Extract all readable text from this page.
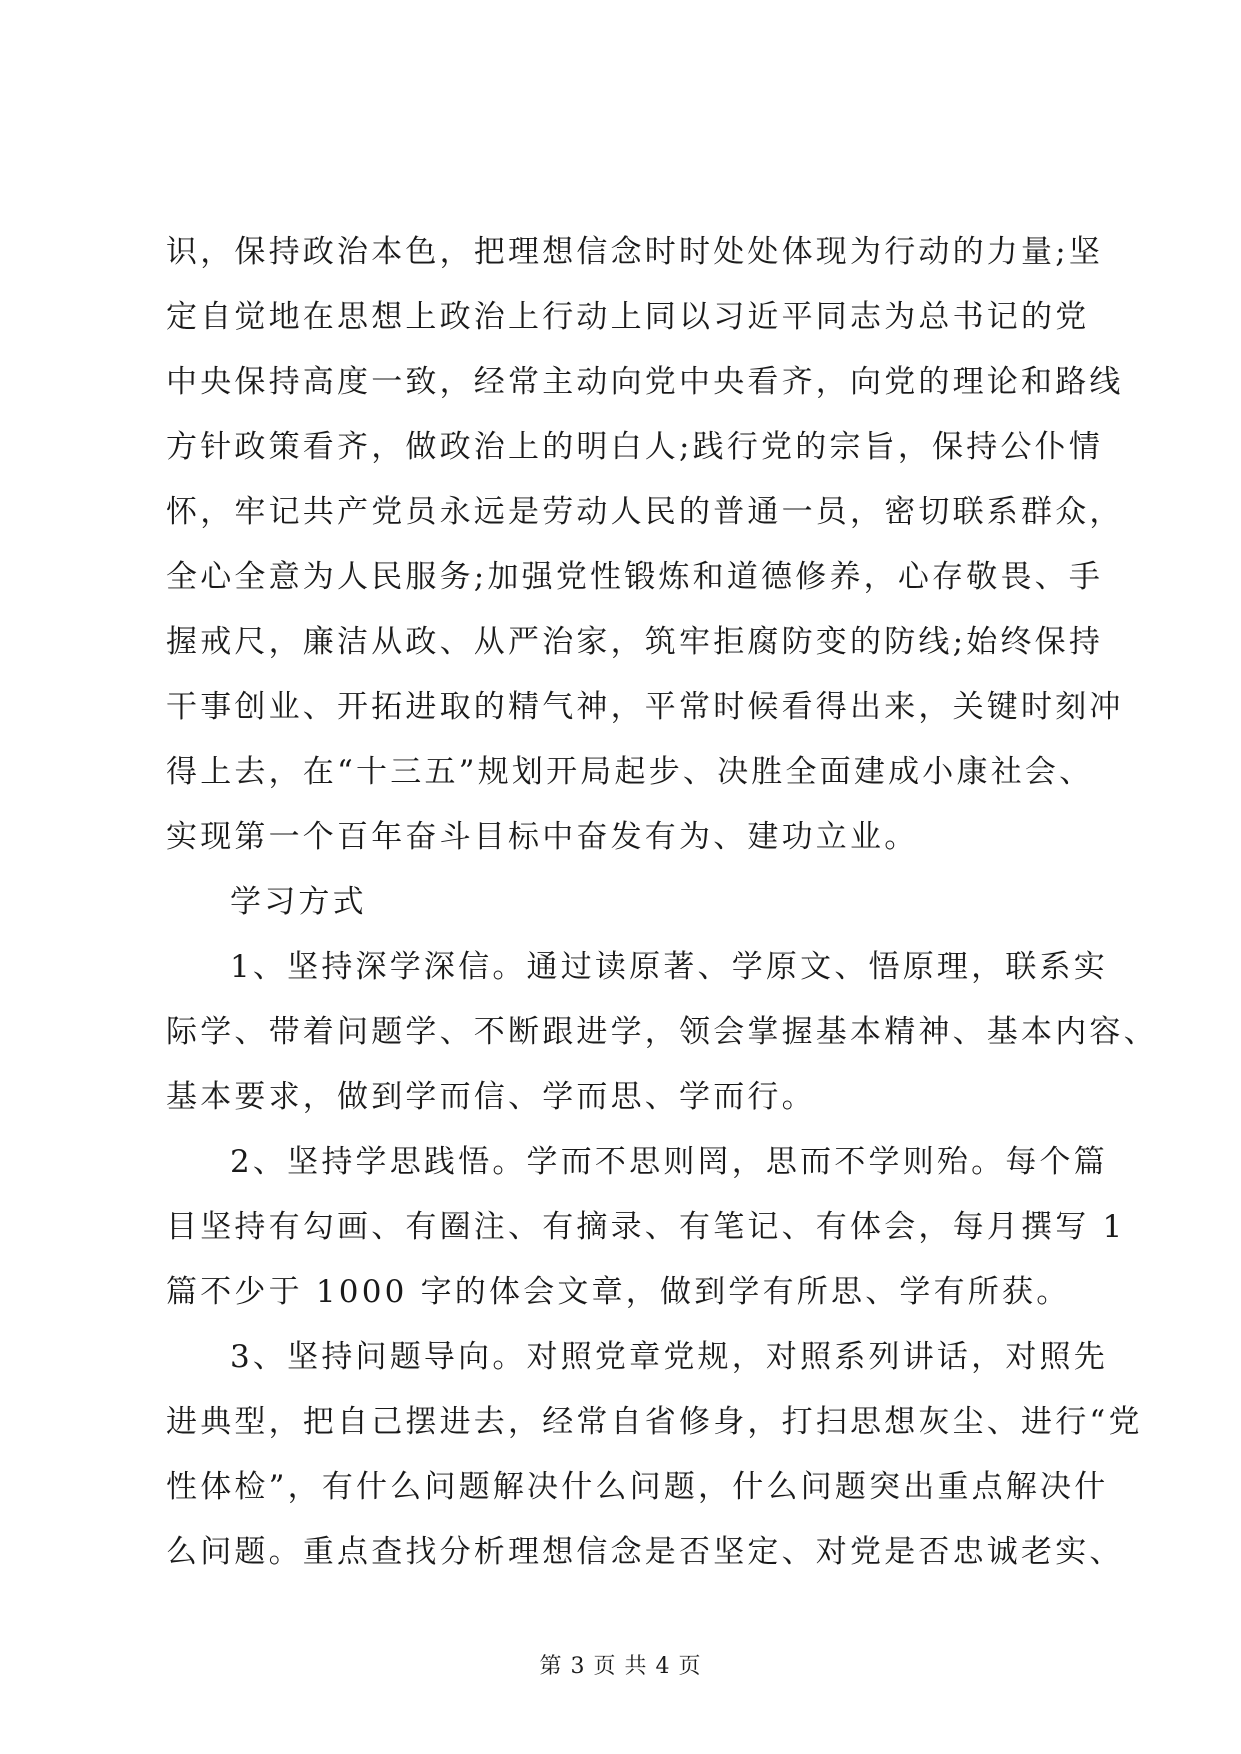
识，保持政治本色，把理想信念时时处处体现为行动的力量;坚
定自觉地在思想上政治上行动上同以习近平同志为总书记的党
中央保持高度一致，经常主动向党中央看齐，向党的理论和路线
方针政策看齐，做政治上的明白人;践行党的宗旨，保持公仆情
怀，牢记共产党员永远是劳动人民的普通一员，密切联系群众，
全心全意为人民服务;加强党性锻炼和道德修养，心存敬畏、手
握戒尺，廉洁从政、从严治家，筑牢拒腐防变的防线;始终保持
干事创业、开拓进取的精气神，平常时候看得出来，关键时刻冲
得上去，在“十三五”规划开局起步、决胜全面建成小康社会、
实现第一个百年奋斗目标中奋发有为、建功立业。
学习方式
1、坚持深学深信。通过读原著、学原文、悟原理，联系实
际学、带着问题学、不断跟进学，领会掌握基本精神、基本内容、
基本要求，做到学而信、学而思、学而行。
2、坚持学思践悟。学而不思则罔，思而不学则殆。每个篇
目坚持有勾画、有圈注、有摘录、有笔记、有体会，每月撰写 1
篇不少于 1000 字的体会文章，做到学有所思、学有所获。
3、坚持问题导向。对照党章党规，对照系列讲话，对照先
进典型，把自己摆进去，经常自省修身，打扫思想灰尘、进行“党
性体检”，有什么问题解决什么问题，什么问题突出重点解决什
么问题。重点查找分析理想信念是否坚定、对党是否忠诚老实、
第 3 页 共 4 页
